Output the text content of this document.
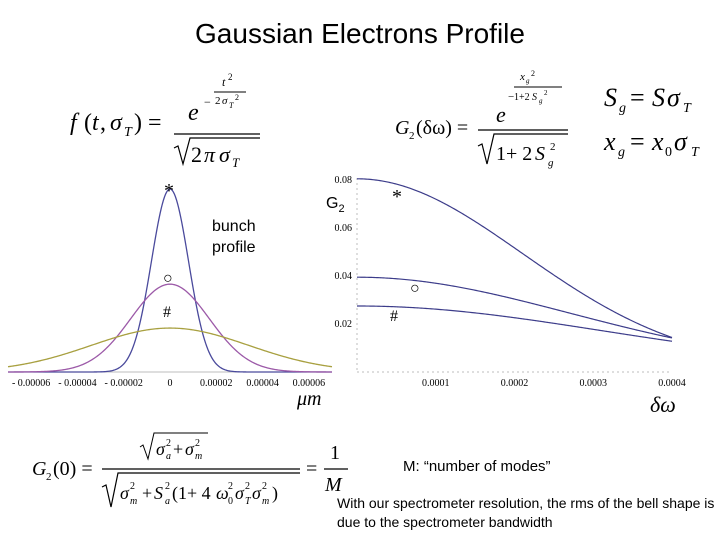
Gaussian Electrons Profile
f ( t , σ T ) = e −
t 2
2 σ T
2
2 π σ T
G 2 (δω) =
e
−
x g
2
1+2 S g
2
1+ 2 S g
2
S g = S σ T
x g = x 0 σ T
- 0.00006 - 0.00004 - 0.00002 0	0.00002 0.00004 0.00006	0.0001	0.0002	0.0003	0.0004
0.08
0.06
0.04
0.02
*
○
#
*
○
#
bunch
profile
$G_2$
μm	δω
G 2 (0) =
σ a
2 + σ m
2
σ m
2 + S a
2 (1+ 4 ω 0
2 σ T
2 σ m
2 )
=
1
M
M: “number of modes”
With our spectrometer resolution, the rms of the bell shape is due to the spectrometer bandwidth
